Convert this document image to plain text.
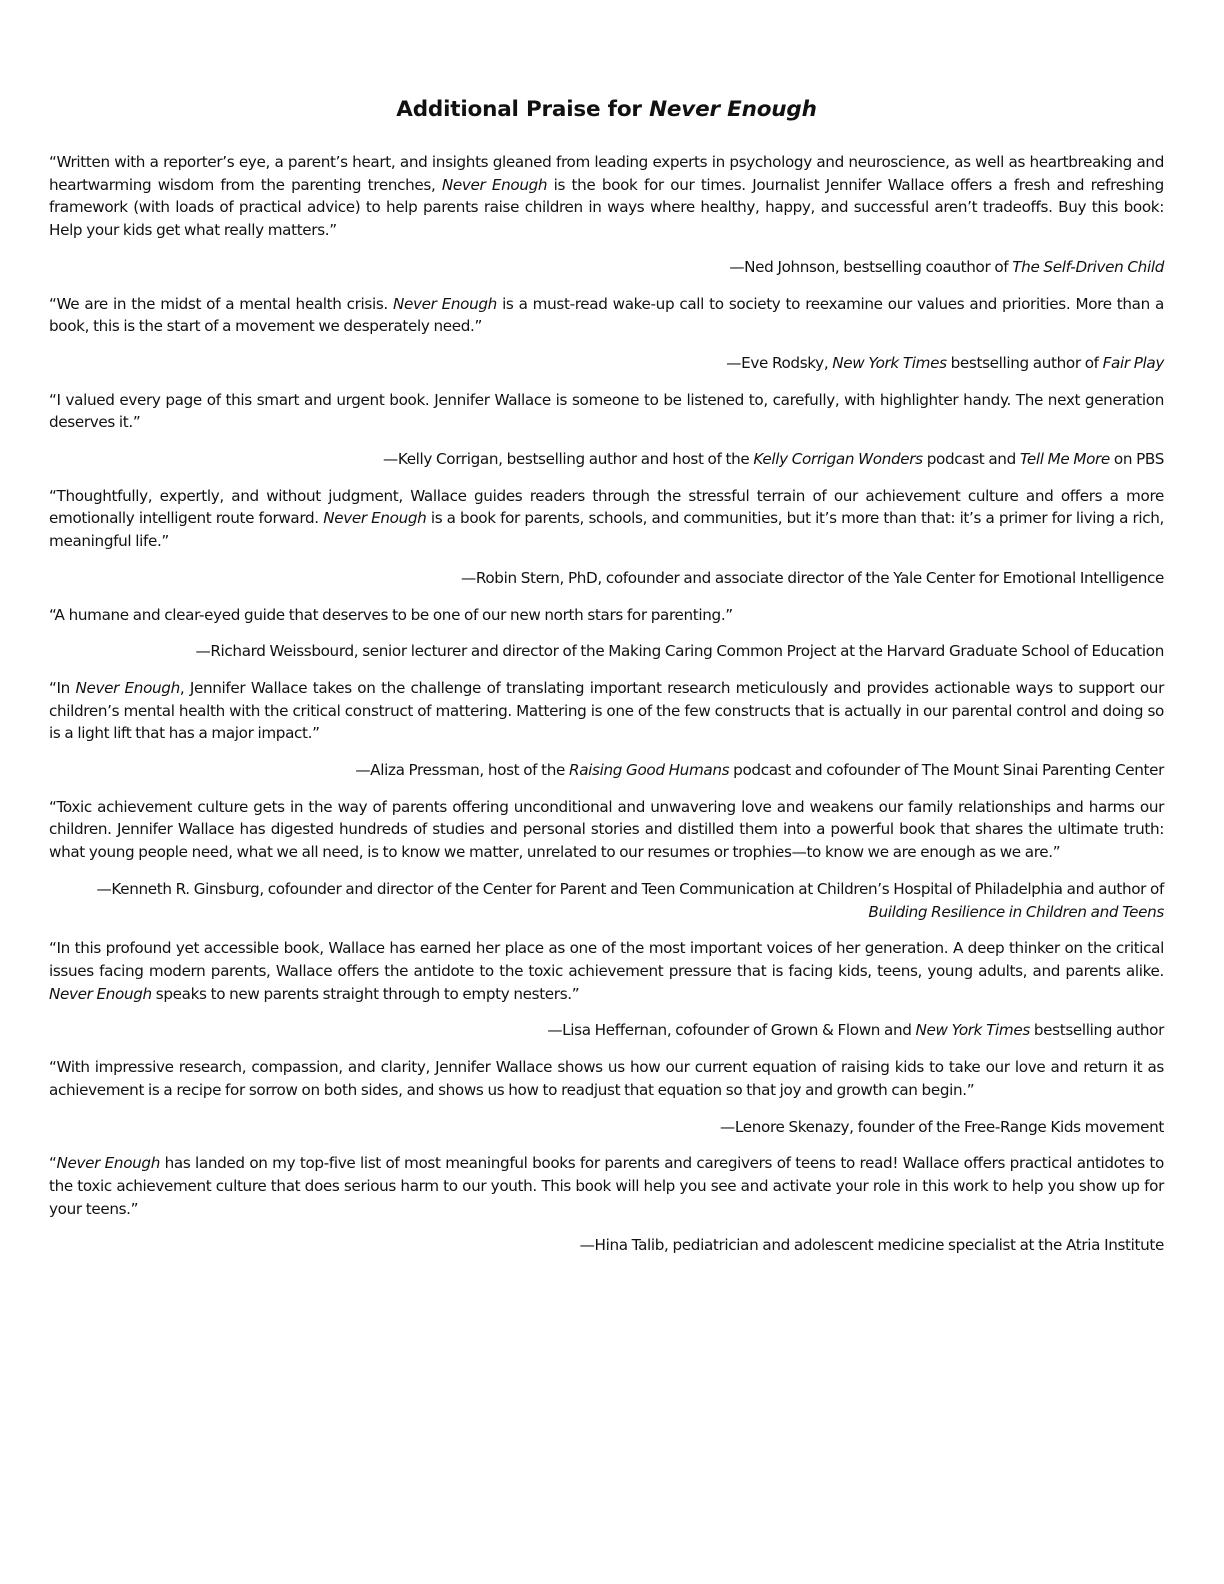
Additional Praise for Never Enough

“Written with a reporter’s eye, a parent’s heart, and insights gleaned from leading experts in psychology and neuroscience, as well as heartbreaking and heartwarming wisdom from the parenting trenches, Never Enough is the book for our times. Journalist Jennifer Wallace offers a fresh and refreshing framework (with loads of practical advice) to help parents raise children in ways where healthy, happy, and successful aren’t tradeoffs. Buy this book: Help your kids get what really matters.”

—Ned Johnson, bestselling coauthor of The Self-Driven Child

“We are in the midst of a mental health crisis. Never Enough is a must-read wake-up call to society to reexamine our values and priorities. More than a book, this is the start of a movement we desperately need.”

—Eve Rodsky, New York Times bestselling author of Fair Play

“I valued every page of this smart and urgent book. Jennifer Wallace is someone to be listened to, carefully, with highlighter handy. The next generation deserves it.”

—Kelly Corrigan, bestselling author and host of the Kelly Corrigan Wonders podcast and Tell Me More on PBS

“Thoughtfully, expertly, and without judgment, Wallace guides readers through the stressful terrain of our achievement culture and offers a more emotionally intelligent route forward. Never Enough is a book for parents, schools, and communities, but it’s more than that: it’s a primer for living a rich, meaningful life.”

—Robin Stern, PhD, cofounder and associate director of the Yale Center for Emotional Intelligence

“A humane and clear-eyed guide that deserves to be one of our new north stars for parenting.”

—Richard Weissbourd, senior lecturer and director of the Making Caring Common Project at the Harvard Graduate School of Education

“In Never Enough, Jennifer Wallace takes on the challenge of translating important research meticulously and provides actionable ways to support our children’s mental health with the critical construct of mattering. Mattering is one of the few constructs that is actually in our parental control and doing so is a light lift that has a major impact.”

—Aliza Pressman, host of the Raising Good Humans podcast and cofounder of The Mount Sinai Parenting Center

“Toxic achievement culture gets in the way of parents offering unconditional and unwavering love and weakens our family relationships and harms our children. Jennifer Wallace has digested hundreds of studies and personal stories and distilled them into a powerful book that shares the ultimate truth: what young people need, what we all need, is to know we matter, unrelated to our resumes or trophies—to know we are enough as we are.”

—Kenneth R. Ginsburg, cofounder and director of the Center for Parent and Teen Communication at Children’s Hospital of Philadelphia and author of Building Resilience in Children and Teens

“In this profound yet accessible book, Wallace has earned her place as one of the most important voices of her generation. A deep thinker on the critical issues facing modern parents, Wallace offers the antidote to the toxic achievement pressure that is facing kids, teens, young adults, and parents alike. Never Enough speaks to new parents straight through to empty nesters.”

—Lisa Heffernan, cofounder of Grown & Flown and New York Times bestselling author

“With impressive research, compassion, and clarity, Jennifer Wallace shows us how our current equation of raising kids to take our love and return it as achievement is a recipe for sorrow on both sides, and shows us how to readjust that equation so that joy and growth can begin.”

—Lenore Skenazy, founder of the Free-Range Kids movement

“Never Enough has landed on my top-five list of most meaningful books for parents and caregivers of teens to read! Wallace offers practical antidotes to the toxic achievement culture that does serious harm to our youth. This book will help you see and activate your role in this work to help you show up for your teens.”

—Hina Talib, pediatrician and adolescent medicine specialist at the Atria Institute
